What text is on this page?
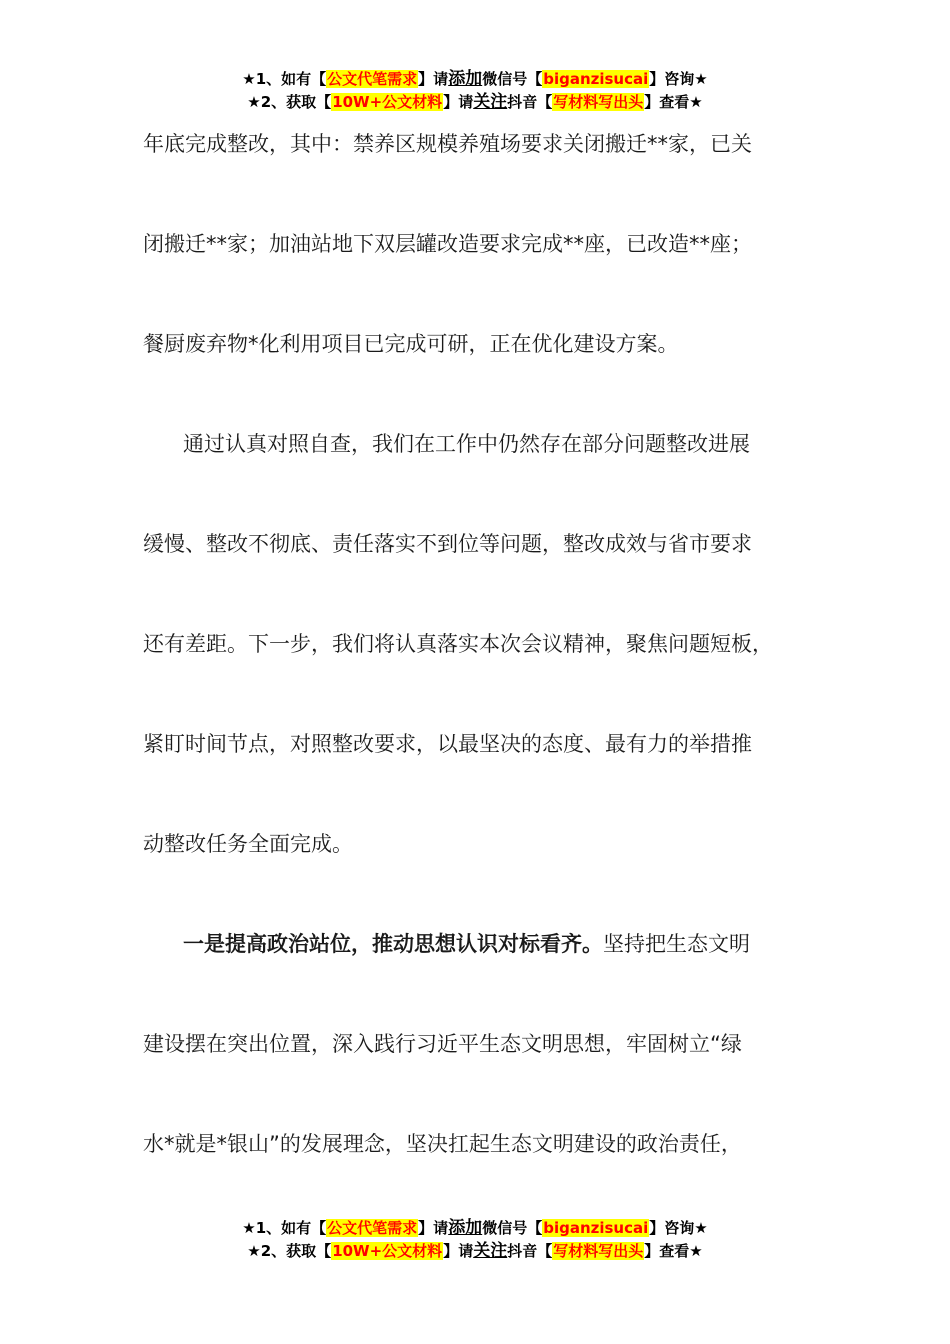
★1、如有【公文代笔需求】请添加微信号【biganzisucai】咨询★
★2、获取【10W+公文材料】请关注抖音【写材料写出头】查看★
年底完成整改，其中：禁养区规模养殖场要求关闭搬迁**家，已关
闭搬迁**家；加油站地下双层罐改造要求完成**座，已改造**座；
餐厨废弃物*化利用项目已完成可研，正在优化建设方案。
通过认真对照自查，我们在工作中仍然存在部分问题整改进展
缓慢、整改不彻底、责任落实不到位等问题，整改成效与省市要求
还有差距。下一步，我们将认真落实本次会议精神，聚焦问题短板，
紧盯时间节点，对照整改要求，以最坚决的态度、最有力的举措推
动整改任务全面完成。
一是提高政治站位，推动思想认识对标看齐。坚持把生态文明
建设摆在突出位置，深入践行习近平生态文明思想，牢固树立“绿
水*就是*银山”的发展理念，坚决扛起生态文明建设的政治责任，
★1、如有【公文代笔需求】请添加微信号【biganzisucai】咨询★
★2、获取【10W+公文材料】请关注抖音【写材料写出头】查看★
